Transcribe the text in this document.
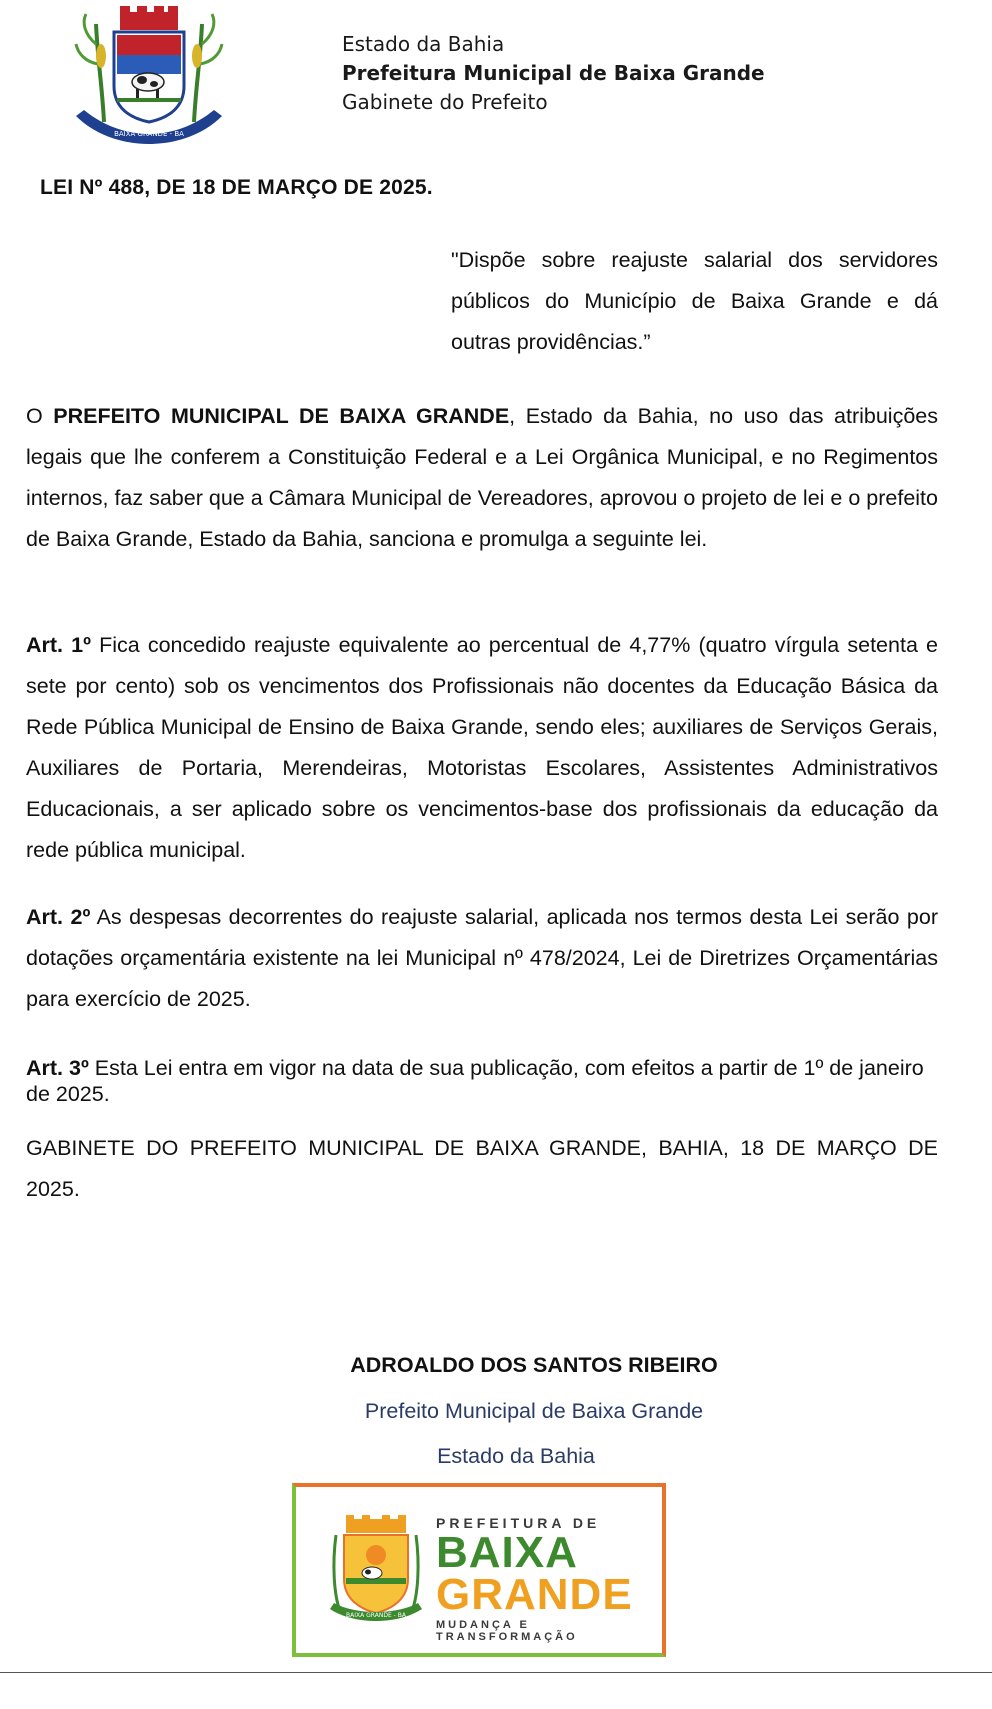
BAIXA GRANDE - BA
Estado da Bahia
Prefeitura Municipal de Baixa Grande
Gabinete do Prefeito
LEI Nº 488, DE 18 DE MARÇO DE 2025.
"Dispõe sobre reajuste salarial dos servidores públicos do Município de Baixa Grande e dá outras providências.”
O PREFEITO MUNICIPAL DE BAIXA GRANDE, Estado da Bahia, no uso das atribuições legais que lhe conferem a Constituição Federal e a Lei Orgânica Municipal, e no Regimentos internos, faz saber que a Câmara Municipal de Vereadores, aprovou o projeto de lei e o prefeito de Baixa Grande, Estado da Bahia, sanciona e promulga a seguinte lei.
Art. 1º Fica concedido reajuste equivalente ao percentual de 4,77% (quatro vírgula setenta e sete por cento) sob os vencimentos dos Profissionais não docentes da Educação Básica da Rede Pública Municipal de Ensino de Baixa Grande, sendo eles; auxiliares de Serviços Gerais, Auxiliares de Portaria, Merendeiras, Motoristas Escolares, Assistentes Administrativos Educacionais, a ser aplicado sobre os vencimentos-base dos profissionais da educação da rede pública municipal.
Art. 2º As despesas decorrentes do reajuste salarial, aplicada nos termos desta Lei serão por dotações orçamentária existente na lei Municipal nº 478/2024, Lei de Diretrizes Orçamentárias para exercício de 2025.
Art. 3º Esta Lei entra em vigor na data de sua publicação, com efeitos a partir de 1º de janeiro de 2025.
GABINETE DO PREFEITO MUNICIPAL DE BAIXA GRANDE, BAHIA, 18 DE MARÇO DE 2025.
ADROALDO DOS SANTOS RIBEIRO
Prefeito Municipal de Baixa Grande
Estado da Bahia
BAIXA GRANDE - BA
PREFEITURA DE
BAIXA
GRANDE
MUDANÇA E TRANSFORMAÇÃO
